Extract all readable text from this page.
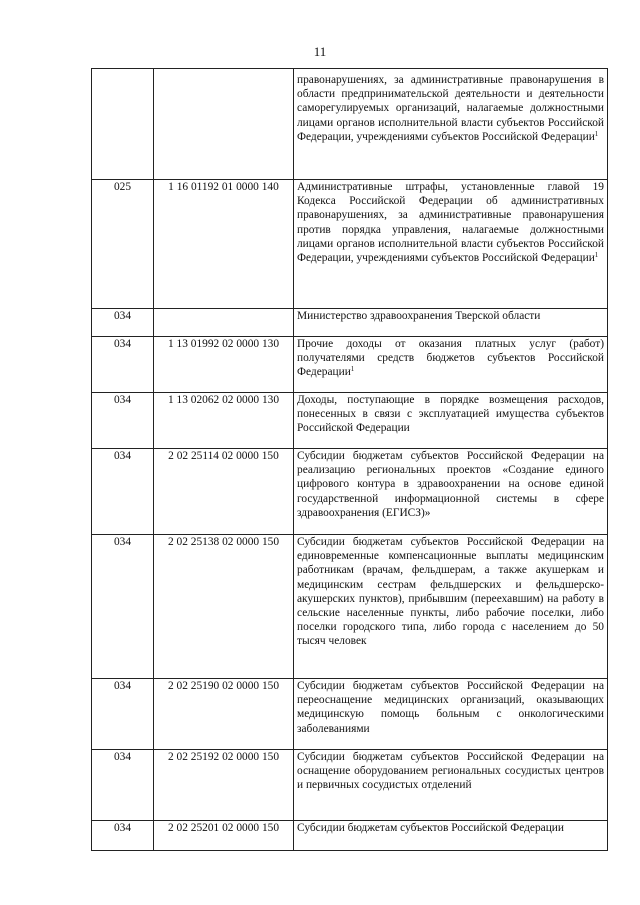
11
		правонарушениях, за административные правонарушения в области предпринимательской деятельности и деятельности саморегулируемых организаций, налагаемые должностными лицами органов исполнительной власти субъектов Российской Федерации, учреждениями субъектов Российской Федерации$^1$
025	1 16 01192 01 0000 140	Административные штрафы, установленные главой 19 Кодекса Российской Федерации об административных правонарушениях, за административные правонарушения против порядка управления, налагаемые должностными лицами органов исполнительной власти субъектов Российской Федерации, учреждениями субъектов Российской Федерации$^1$
034		Министерство здравоохранения Тверской области
034	1 13 01992 02 0000 130	Прочие доходы от оказания платных услуг (работ) получателями средств бюджетов субъектов Российской Федерации$^1$
034	1 13 02062 02 0000 130	Доходы, поступающие в порядке возмещения расходов, понесенных в связи с эксплуатацией имущества субъектов Российской Федерации
034	2 02 25114 02 0000 150	Субсидии бюджетам субъектов Российской Федерации на реализацию региональных проектов «Создание единого цифрового контура в здравоохранении на основе единой государственной информационной системы в сфере здравоохранения (ЕГИСЗ)»
034	2 02 25138 02 0000 150	Субсидии бюджетам субъектов Российской Федерации на единовременные компенсационные выплаты медицинским работникам (врачам, фельдшерам, а также акушеркам и медицинским сестрам фельдшерских и фельдшерско-акушерских пунктов), прибывшим (переехавшим) на работу в сельские населенные пункты, либо рабочие поселки, либо поселки городского типа, либо города с населением до 50 тысяч человек
034	2 02 25190 02 0000 150	Субсидии бюджетам субъектов Российской Федерации на переоснащение медицинских организаций, оказывающих медицинскую помощь больным с онкологическими заболеваниями
034	2 02 25192 02 0000 150	Субсидии бюджетам субъектов Российской Федерации на оснащение оборудованием региональных сосудистых центров и первичных сосудистых отделений
034	2 02 25201 02 0000 150	Субсидии бюджетам субъектов Российской Федерации
